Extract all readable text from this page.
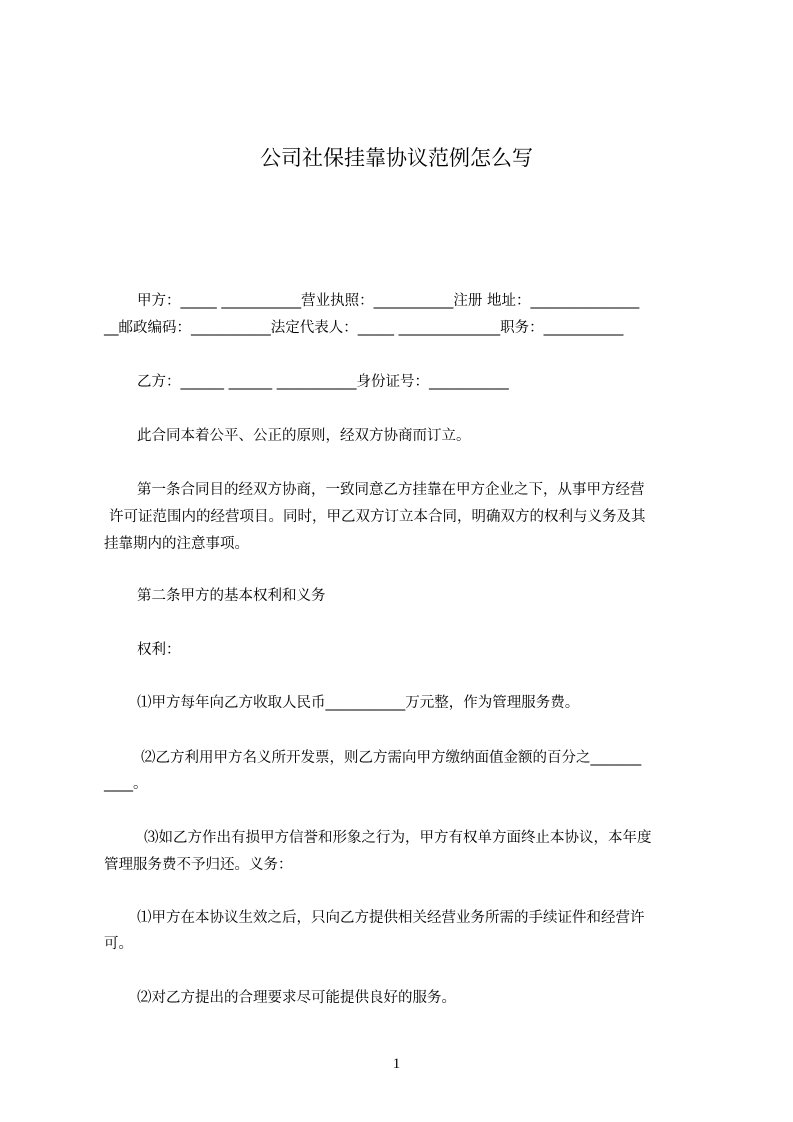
公司社保挂靠协议范例怎么写
甲方：_____ ___________营业执照：___________注册 地址：_______________
__邮政编码：___________法定代表人：_____ ______________职务：___________
乙方：______ ______ ___________身份证号：___________
此合同本着公平、公正的原则，经双方协商而订立。
第一条合同目的经双方协商，一致同意乙方挂靠在甲方企业之下，从事甲方经营
许可证范围内的经营项目。同时，甲乙双方订立本合同，明确双方的权利与义务及其
挂靠期内的注意事项。
第二条甲方的基本权利和义务
权利：
⑴甲方每年向乙方收取人民币___________万元整，作为管理服务费。
⑵乙方利用甲方名义所开发票，则乙方需向甲方缴纳面值金额的百分之_______
____。
⑶如乙方作出有损甲方信誉和形象之行为，甲方有权单方面终止本协议，本年度
管理服务费不予归还。义务：
⑴甲方在本协议生效之后，只向乙方提供相关经营业务所需的手续证件和经营许
可。
⑵对乙方提出的合理要求尽可能提供良好的服务。
1
